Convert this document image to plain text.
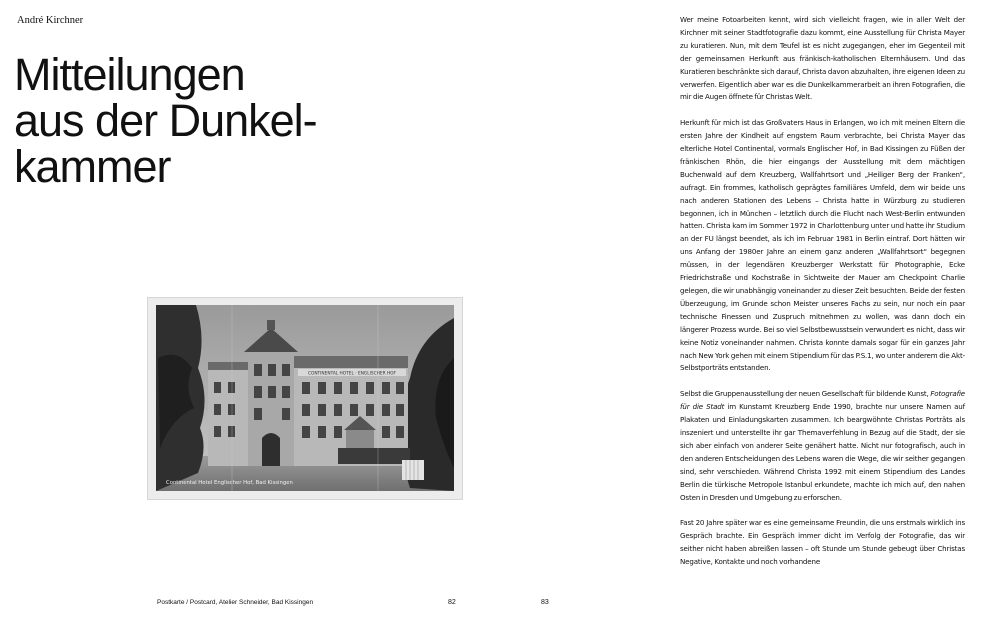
André Kirchner
Mitteilungen
aus der Dunkel-
kammer
CONTINENTAL HOTEL · ENGLISCHER HOF
Continental Hotel Englischer Hof, Bad Kissingen
Postkarte / Postcard, Atelier Schneider, Bad Kissingen	82	83

Wer meine Fotoarbeiten kennt, wird sich vielleicht fragen, wie in aller Welt der Kirchner mit seiner Stadtfotografie dazu kommt, eine Ausstellung für Christa Mayer zu kuratieren. Nun, mit dem Teufel ist es nicht zugegangen, eher im Gegenteil mit der gemeinsamen Herkunft aus fränkisch-katholischen Elternhäusern. Und das Kuratieren beschränkte sich darauf, Christa davon abzuhalten, ihre eigenen Ideen zu verwerfen. Eigentlich aber war es die Dunkelkammerarbeit an ihren Fotografien, die mir die Augen öffnete für Christas Welt.

Herkunft für mich ist das Großvaters Haus in Erlangen, wo ich mit meinen Eltern die ersten Jahre der Kindheit auf engstem Raum verbrachte, bei Christa Mayer das elterliche Hotel Continental, vormals Englischer Hof, in Bad Kissingen zu Füßen der fränkischen Rhön, die hier eingangs der Ausstellung mit dem mächtigen Buchenwald auf dem Kreuzberg, Wallfahrtsort und „Heiliger Berg der Franken“, aufragt. Ein frommes, katholisch geprägtes familiäres Umfeld, dem wir beide uns nach anderen Stationen des Lebens – Christa hatte in Würzburg zu studieren begonnen, ich in München – letztlich durch die Flucht nach West-Berlin entwunden hatten. Christa kam im Sommer 1972 in Charlottenburg unter und hatte ihr Studium an der FU längst beendet, als ich im Februar 1981 in Berlin eintraf. Dort hätten wir uns Anfang der 1980er Jahre an einem ganz anderen „Wallfahrtsort“ begegnen müssen, in der legendären Kreuzberger Werkstatt für Photographie, Ecke Friedrichstraße und Kochstraße in Sichtweite der Mauer am Checkpoint Charlie gelegen, die wir unabhängig voneinander zu dieser Zeit besuchten. Beide der festen Überzeugung, im Grunde schon Meister unseres Fachs zu sein, nur noch ein paar technische Finessen und Zuspruch mitnehmen zu wollen, was dann doch ein längerer Prozess wurde. Bei so viel Selbstbewusstsein verwundert es nicht, dass wir keine Notiz voneinander nahmen. Christa konnte damals sogar für ein ganzes Jahr nach New York gehen mit einem Stipendium für das P.S.1, wo unter anderem die Akt-Selbstporträts entstanden.

Selbst die Gruppenausstellung der neuen Gesellschaft für bildende Kunst, Fotografie für die Stadt im Kunstamt Kreuzberg Ende 1990, brachte nur unsere Namen auf Plakaten und Einladungskarten zusammen. Ich beargwöhnte Christas Porträts als inszeniert und unterstellte ihr gar Themaverfehlung in Bezug auf die Stadt, der sie sich aber einfach von anderer Seite genähert hatte. Nicht nur fotografisch, auch in den anderen Entscheidungen des Lebens waren die Wege, die wir seither gegangen sind, sehr verschieden. Während Christa 1992 mit einem Stipendium des Landes Berlin die türkische Metropole Istanbul erkundete, machte ich mich auf, den nahen Osten in Dresden und Umgebung zu erforschen.

Fast 20 Jahre später war es eine gemeinsame Freundin, die uns erstmals wirklich ins Gespräch brachte. Ein Gespräch immer dicht im Verfolg der Fotografie, das wir seither nicht haben abreißen lassen – oft Stunde um Stunde gebeugt über Christas Negative, Kontakte und noch vorhandene
